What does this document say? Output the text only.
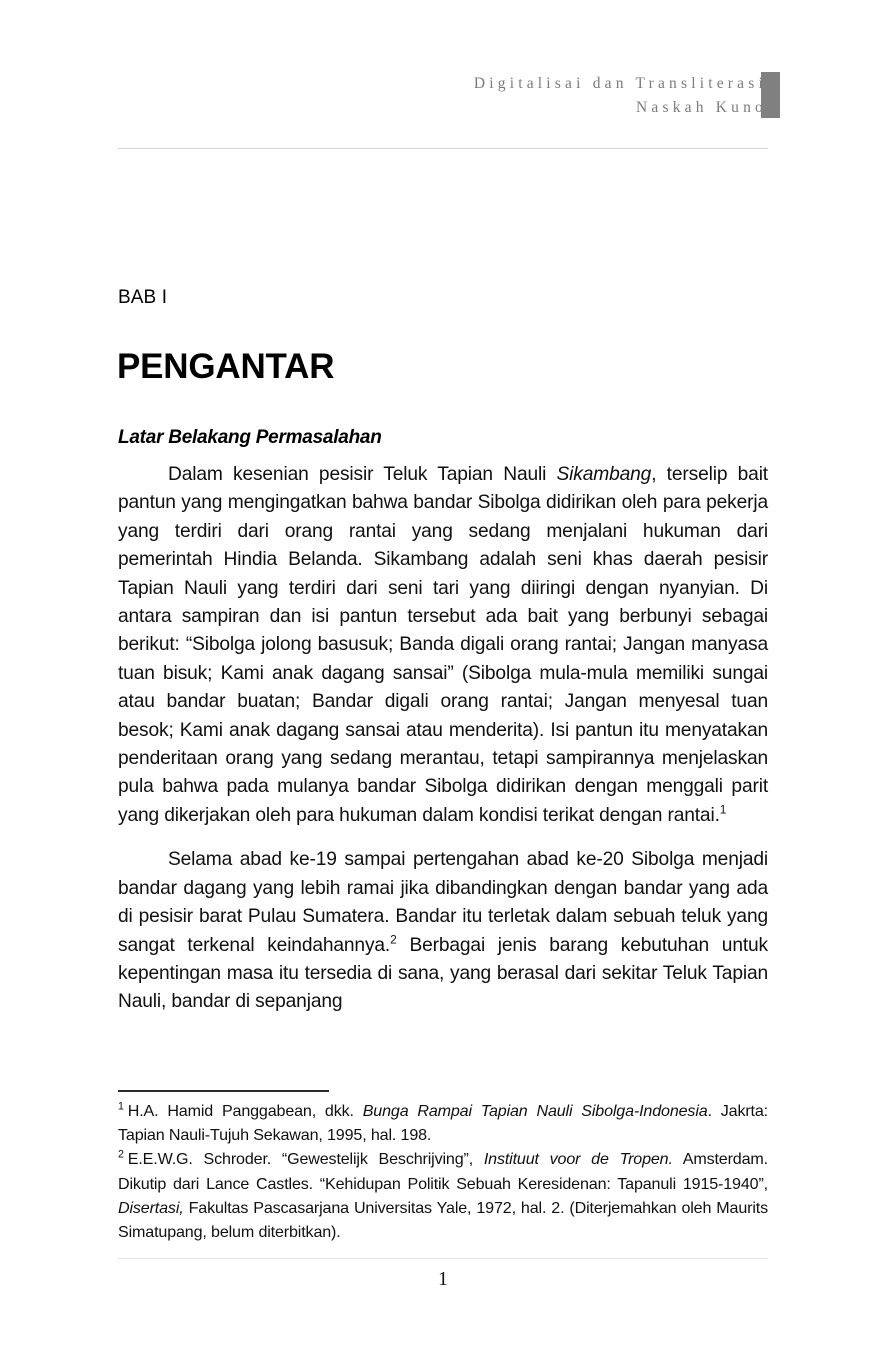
Digitalisai dan Transliterasi
Naskah Kuno
BAB I
PENGANTAR
Latar Belakang Permasalahan

Dalam kesenian pesisir Teluk Tapian Nauli Sikambang, terselip bait pantun yang mengingatkan bahwa bandar Sibolga didirikan oleh para pekerja yang terdiri dari orang rantai yang sedang menjalani hukuman dari pemerintah Hindia Belanda. Sikambang adalah seni khas daerah pesisir Tapian Nauli yang terdiri dari seni tari yang diiringi dengan nyanyian. Di antara sampiran dan isi pantun tersebut ada bait yang berbunyi sebagai berikut: “Sibolga jolong basusuk; Banda digali orang rantai; Jangan manyasa tuan bisuk; Kami anak dagang sansai” (Sibolga mula-mula memiliki sungai atau bandar buatan; Bandar digali orang rantai; Jangan menyesal tuan besok; Kami anak dagang sansai atau menderita). Isi pantun itu menyatakan penderitaan orang yang sedang merantau, tetapi sampirannya menjelaskan pula bahwa pada mulanya bandar Sibolga didirikan dengan menggali parit yang dikerjakan oleh para hukuman dalam kondisi terikat dengan rantai.$^1$

Selama abad ke-19 sampai pertengahan abad ke-20 Sibolga menjadi bandar dagang yang lebih ramai jika dibandingkan dengan bandar yang ada di pesisir barat Pulau Sumatera. Bandar itu terletak dalam sebuah teluk yang sangat terkenal keindahannya.$^2$ Berbagai jenis barang kebutuhan untuk kepentingan masa itu tersedia di sana, yang berasal dari sekitar Teluk Tapian Nauli, bandar di sepanjang

$^1$ H.A. Hamid Panggabean, dkk. Bunga Rampai Tapian Nauli Sibolga-Indonesia. Jakrta: Tapian Nauli-Tujuh Sekawan, 1995, hal. 198.

$^2$ E.E.W.G. Schroder. “Gewestelijk Beschrijving”, Instituut voor de Tropen. Amsterdam. Dikutip dari Lance Castles. “Kehidupan Politik Sebuah Keresidenan: Tapanuli 1915-1940”, Disertasi, Fakultas Pascasarjana Universitas Yale, 1972, hal. 2. (Diterjemahkan oleh Maurits Simatupang, belum diterbitkan).

1
